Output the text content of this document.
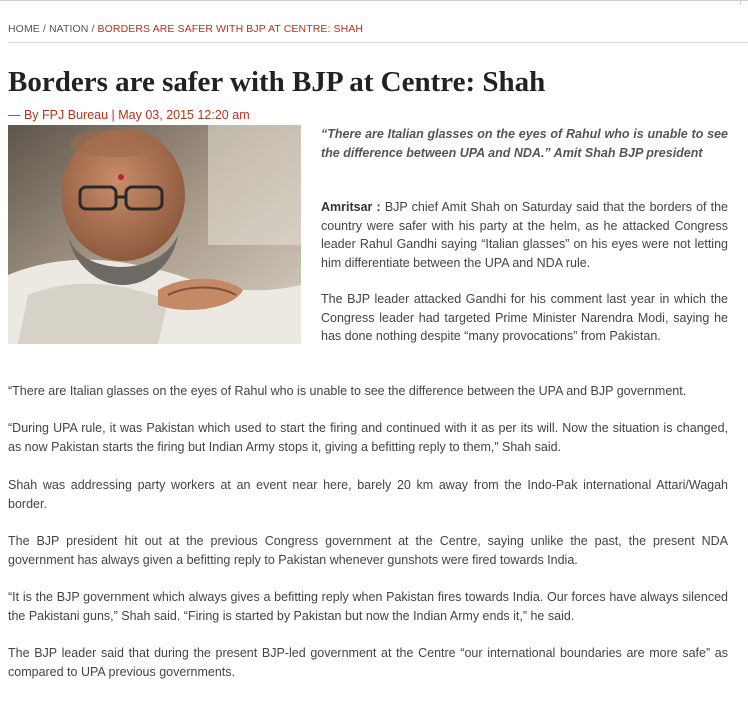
HOME / NATION / BORDERS ARE SAFER WITH BJP AT CENTRE: SHAH
Borders are safer with BJP at Centre: Shah
— By FPJ Bureau | May 03, 2015 12:20 am

“There are Italian glasses on the eyes of Rahul who is unable to see the difference between UPA and NDA.” Amit Shah BJP president

Amritsar : BJP chief Amit Shah on Saturday said that the borders of the country were safer with his party at the helm, as he attacked Congress leader Rahul Gandhi saying “Italian glasses” on his eyes were not letting him differentiate between the UPA and NDA rule.

The BJP leader attacked Gandhi for his comment last year in which the Congress leader had targeted Prime Minister Narendra Modi, saying he has done nothing despite “many provocations” from Pakistan.

“There are Italian glasses on the eyes of Rahul who is unable to see the difference between the UPA and BJP government.

“During UPA rule, it was Pakistan which used to start the firing and continued with it as per its will. Now the situation is changed, as now Pakistan starts the firing but Indian Army stops it, giving a befitting reply to them,” Shah said.

Shah was addressing party workers at an event near here, barely 20 km away from the Indo-Pak international Attari/Wagah border.

The BJP president hit out at the previous Congress government at the Centre, saying unlike the past, the present NDA government has always given a befitting reply to Pakistan whenever gunshots were fired towards India.

“It is the BJP government which always gives a befitting reply when Pakistan fires towards India. Our forces have always silenced the Pakistani guns,” Shah said. “Firing is started by Pakistan but now the Indian Army ends it,” he said.

The BJP leader said that during the present BJP-led government at the Centre “our international boundaries are more safe” as compared to UPA previous governments.
